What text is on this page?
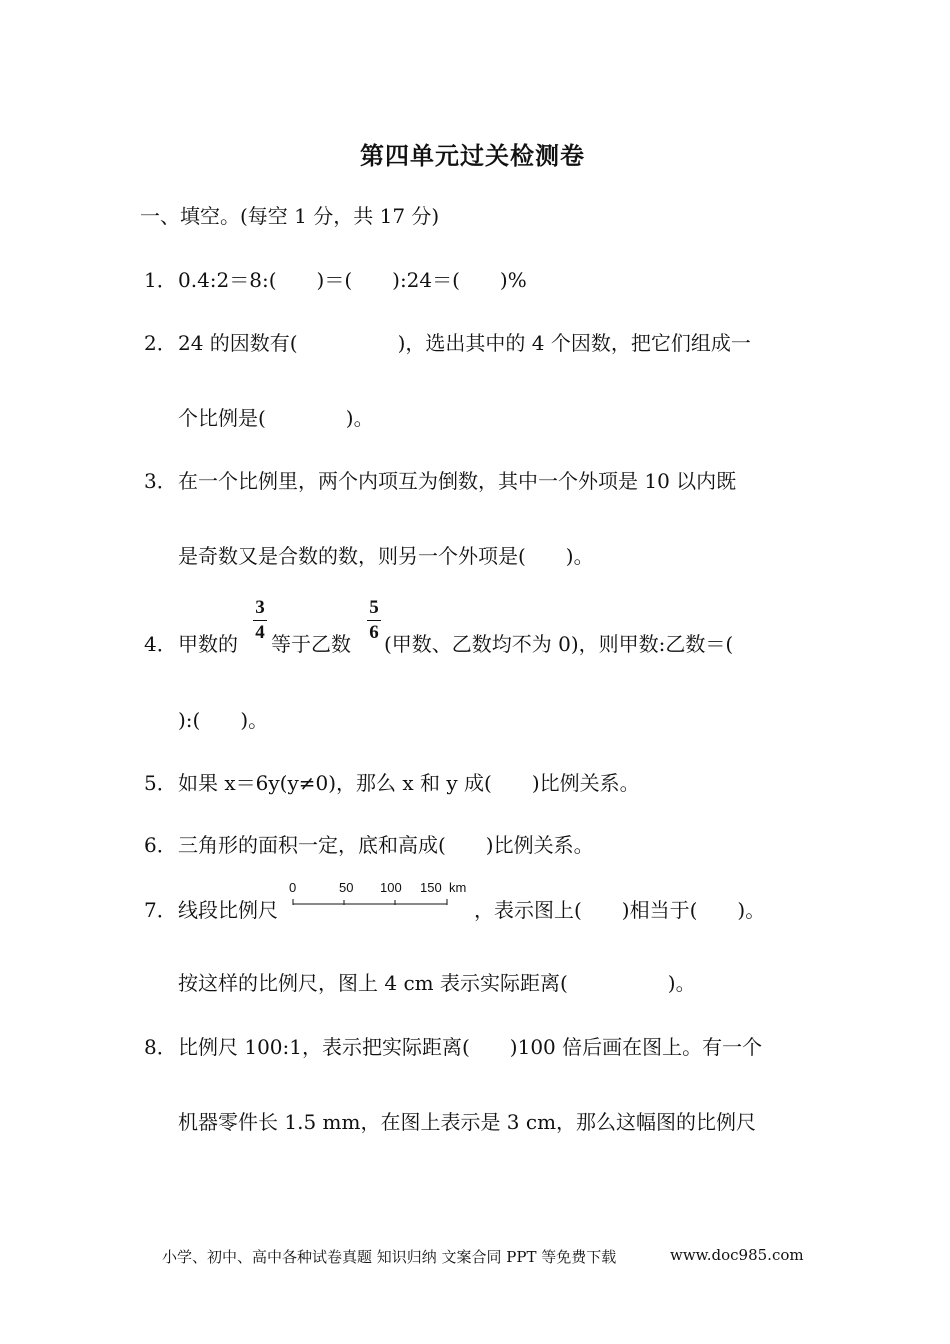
第四单元过关检测卷
一、填空。(每空 1 分，共 17 分)
1．0.4:2＝8:(　　)＝(　　):24＝(　　)%
2．24 的因数有(　　　　　)，选出其中的 4 个因数，把它们组成一
个比例是(　　　　)。
3．在一个比例里，两个内项互为倒数，其中一个外项是 10 以内既
是奇数又是合数的数，则另一个外项是(　　)。
4． 甲数的
3
4 等于乙数
5
6 (甲数、乙数均不为 0)，则甲数:乙数＝(
):(　　)。
5．如果 x＝6y(y≠0)，那么 x 和 y 成(　　)比例关系。
6．三角形的面积一定，底和高成(　　)比例关系。
7． 线段比例尺
0	50 100 150 km
，表示图上(　　)相当于(　　)。
按这样的比例尺，图上 4 cm 表示实际距离(　　　　　)。
8．比例尺 100:1，表示把实际距离(　　)100 倍后画在图上。有一个
机器零件长 1.5 mm，在图上表示是 3 cm，那么这幅图的比例尺
小学、初中、高中各种试卷真题 知识归纳 文案合同 PPT 等免费下载	www.doc985.com
